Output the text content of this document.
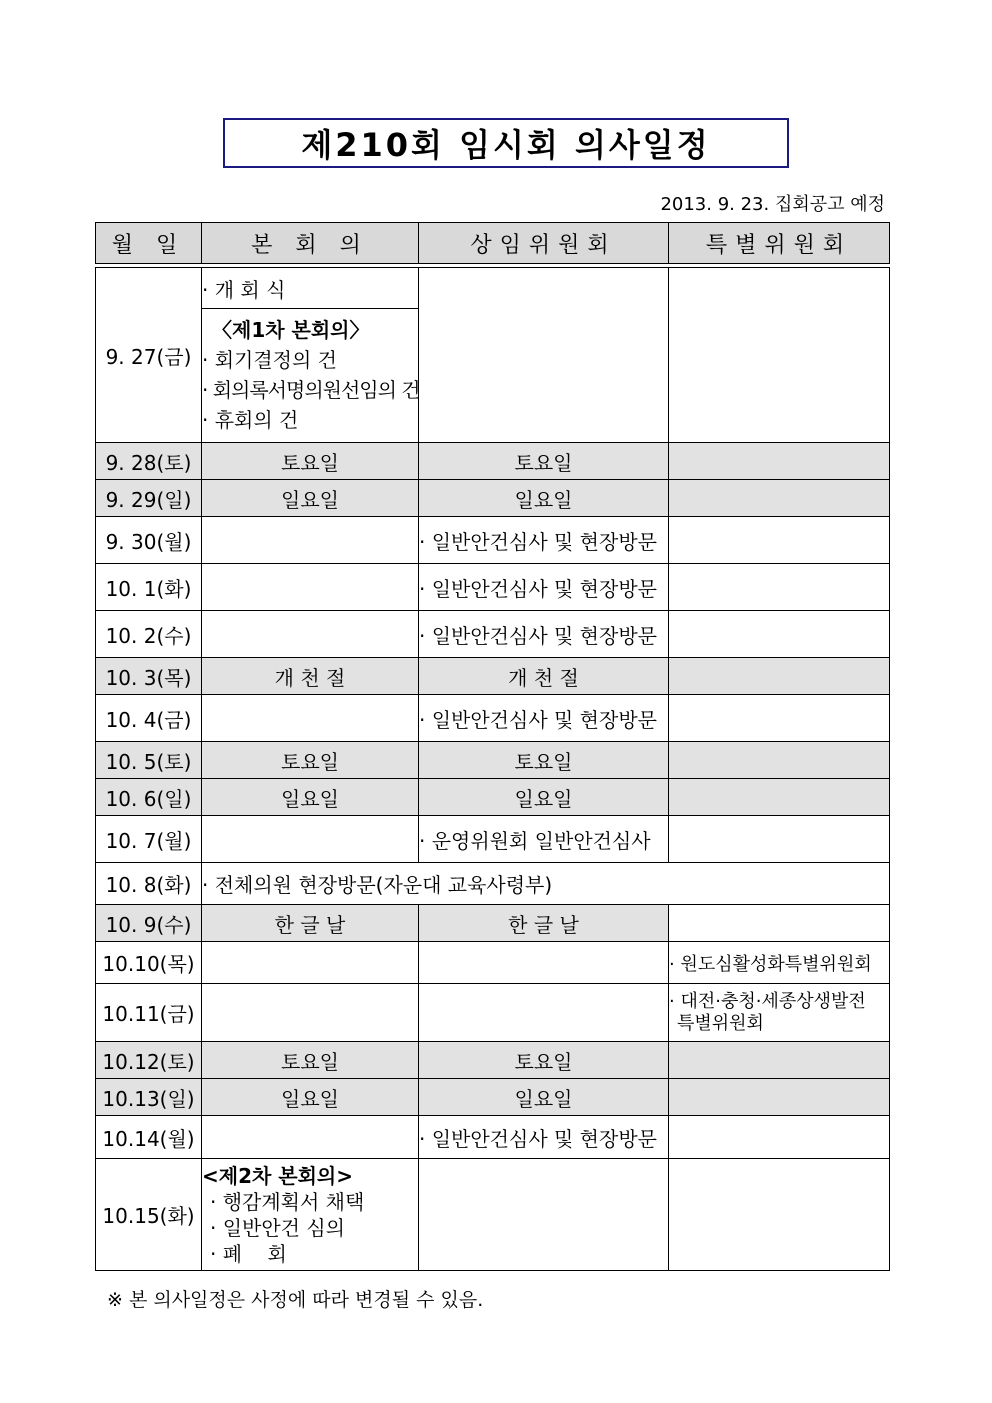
제210회 임시회 의사일정
2013. 9. 23. 집회공고 예정
월 일	본 회 의	상임위원회	특별위원회

9. 27(금)	· 개 회 식		

	〈제1차 본회의〉
· 회기결정의 건
· 회의록서명의원선임의 건
· 휴회의 건

9. 28(토)	토요일	토요일	
9. 29(일)	일요일	일요일	
9. 30(월)		· 일반안건심사 및 현장방문	
10. 1(화)		· 일반안건심사 및 현장방문	
10. 2(수)		· 일반안건심사 및 현장방문	
10. 3(목)	개 천 절	개 천 절	
10. 4(금)		· 일반안건심사 및 현장방문	
10. 5(토)	토요일	토요일	
10. 6(일)	일요일	일요일	
10. 7(월)		· 운영위원회 일반안건심사	
10. 8(화)	· 전체의원 현장방문(자운대 교육사령부)
10. 9(수)	한 글 날	한 글 날	
10.10(목)			· 원도심활성화특별위원회
10.11(금)			· 대전·충청·세종상생발전
특별위원회

10.12(토)	토요일	토요일	
10.13(일)	일요일	일요일	
10.14(월)		· 일반안건심사 및 현장방문	
10.15(화)	<제2차 본회의>
· 행감계획서 채택
· 일반안건 심의
· 폐    회

※ 본 의사일정은 사정에 따라 변경될 수 있음.
